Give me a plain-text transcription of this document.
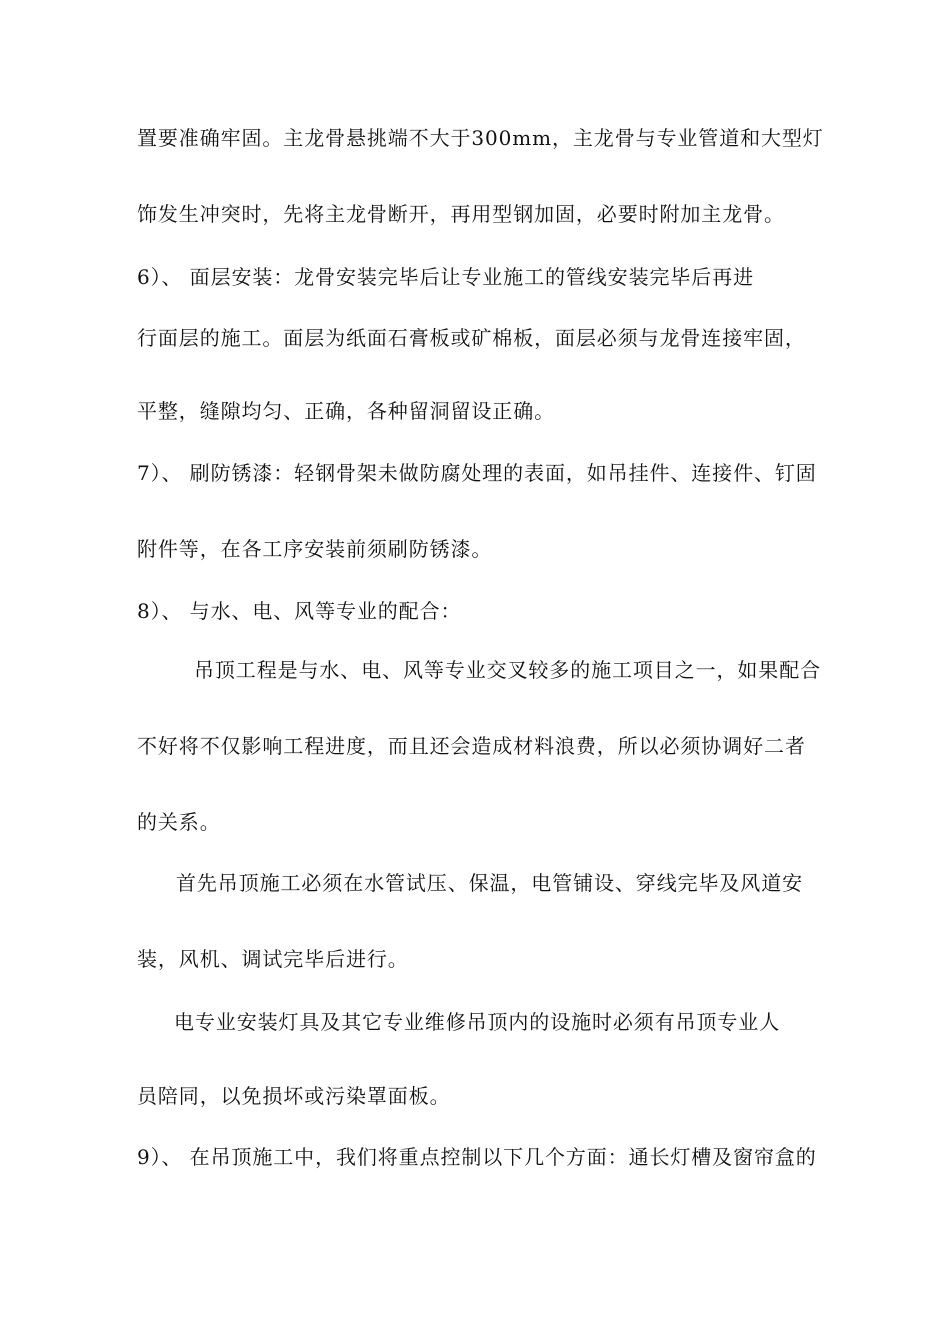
置要准确牢固。主龙骨悬挑端不大于300mm，主龙骨与专业管道和大型灯
饰发生冲突时，先将主龙骨断开，再用型钢加固，必要时附加主龙骨。
6）、 面层安装：龙骨安装完毕后让专业施工的管线安装完毕后再进
行面层的施工。面层为纸面石膏板或矿棉板，面层必须与龙骨连接牢固，
平整，缝隙均匀、正确，各种留洞留设正确。
7）、 刷防锈漆：轻钢骨架未做防腐处理的表面，如吊挂件、连接件、钉固
附件等，在各工序安装前须刷防锈漆。
8）、 与水、电、风等专业的配合：
吊顶工程是与水、电、风等专业交叉较多的施工项目之一，如果配合
不好将不仅影响工程进度，而且还会造成材料浪费，所以必须协调好二者
的关系。
首先吊顶施工必须在水管试压、保温，电管铺设、穿线完毕及风道安
装，风机、调试完毕后进行。
电专业安装灯具及其它专业维修吊顶内的设施时必须有吊顶专业人
员陪同，以免损坏或污染罩面板。
9）、 在吊顶施工中，我们将重点控制以下几个方面：通长灯槽及窗帘盒的
